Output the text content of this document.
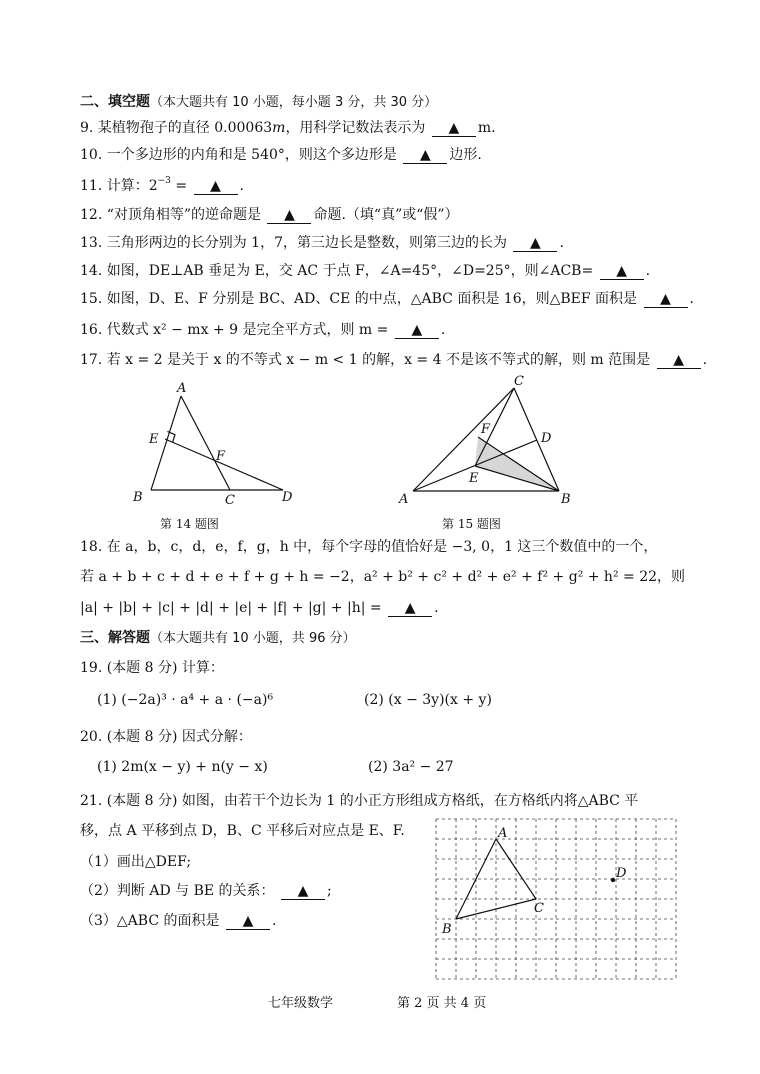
二、填空题（本大题共有 10 小题，每小题 3 分，共 30 分）
9. 某植物孢子的直径 0.00063m，用科学记数法表示为 ▲ m.
10. 一个多边形的内角和是 540°，则这个多边形是 ▲ 边形.
11. 计算：$2^{-3}$ = ▲ .
12. “对顶角相等”的逆命题是 ▲ 命题.（填“真”或“假”）
13. 三角形两边的长分别为 1，7，第三边长是整数，则第三边的长为 ▲ .
14. 如图，DE⊥AB 垂足为 E，交 AC 于点 F，∠A=45°，∠D=25°，则∠ACB= ▲ .
15. 如图，D、E、F 分别是 BC、AD、CE 的中点，△ABC 面积是 16，则△BEF 面积是 ▲ .
16. 代数式 x² − mx + 9 是完全平方式，则 m = ▲ .
17. 若 x = 2 是关于 x 的不等式 x − m < 1 的解，x = 4 不是该不等式的解，则 m 范围是 ▲ .
A
E
F
B	C	D
第 14 题图
C
F
D
E
A	B
第 15 题图
18. 在 a，b，c，d，e，f，g，h 中，每个字母的值恰好是 −3, 0，1 这三个数值中的一个，
若 a + b + c + d + e + f + g + h = −2，a² + b² + c² + d² + e² + f² + g² + h² = 22，则
|a| + |b| + |c| + |d| + |e| + |f| + |g| + |h| = ▲ .
三、解答题（本大题共有 10 小题，共 96 分）
19. (本题 8 分) 计算：
(1) (−2a)³ · a⁴ + a · (−a)⁶	(2) (x − 3y)(x + y)
20. (本题 8 分) 因式分解：
(1) 2m(x − y) + n(y − x)	(2) 3a² − 27
21. (本题 8 分) 如图，由若干个边长为 1 的小正方形组成方格纸，在方格纸内将△ABC 平
移，点 A 平移到点 D，B、C 平移后对应点是 E、F.
（1）画出△DEF;
（2）判断 AD 与 BE 的关系： ▲ ;
（3）△ABC 的面积是 ▲ .
A
D
C
B
七年级数学	第 2 页 共 4 页
